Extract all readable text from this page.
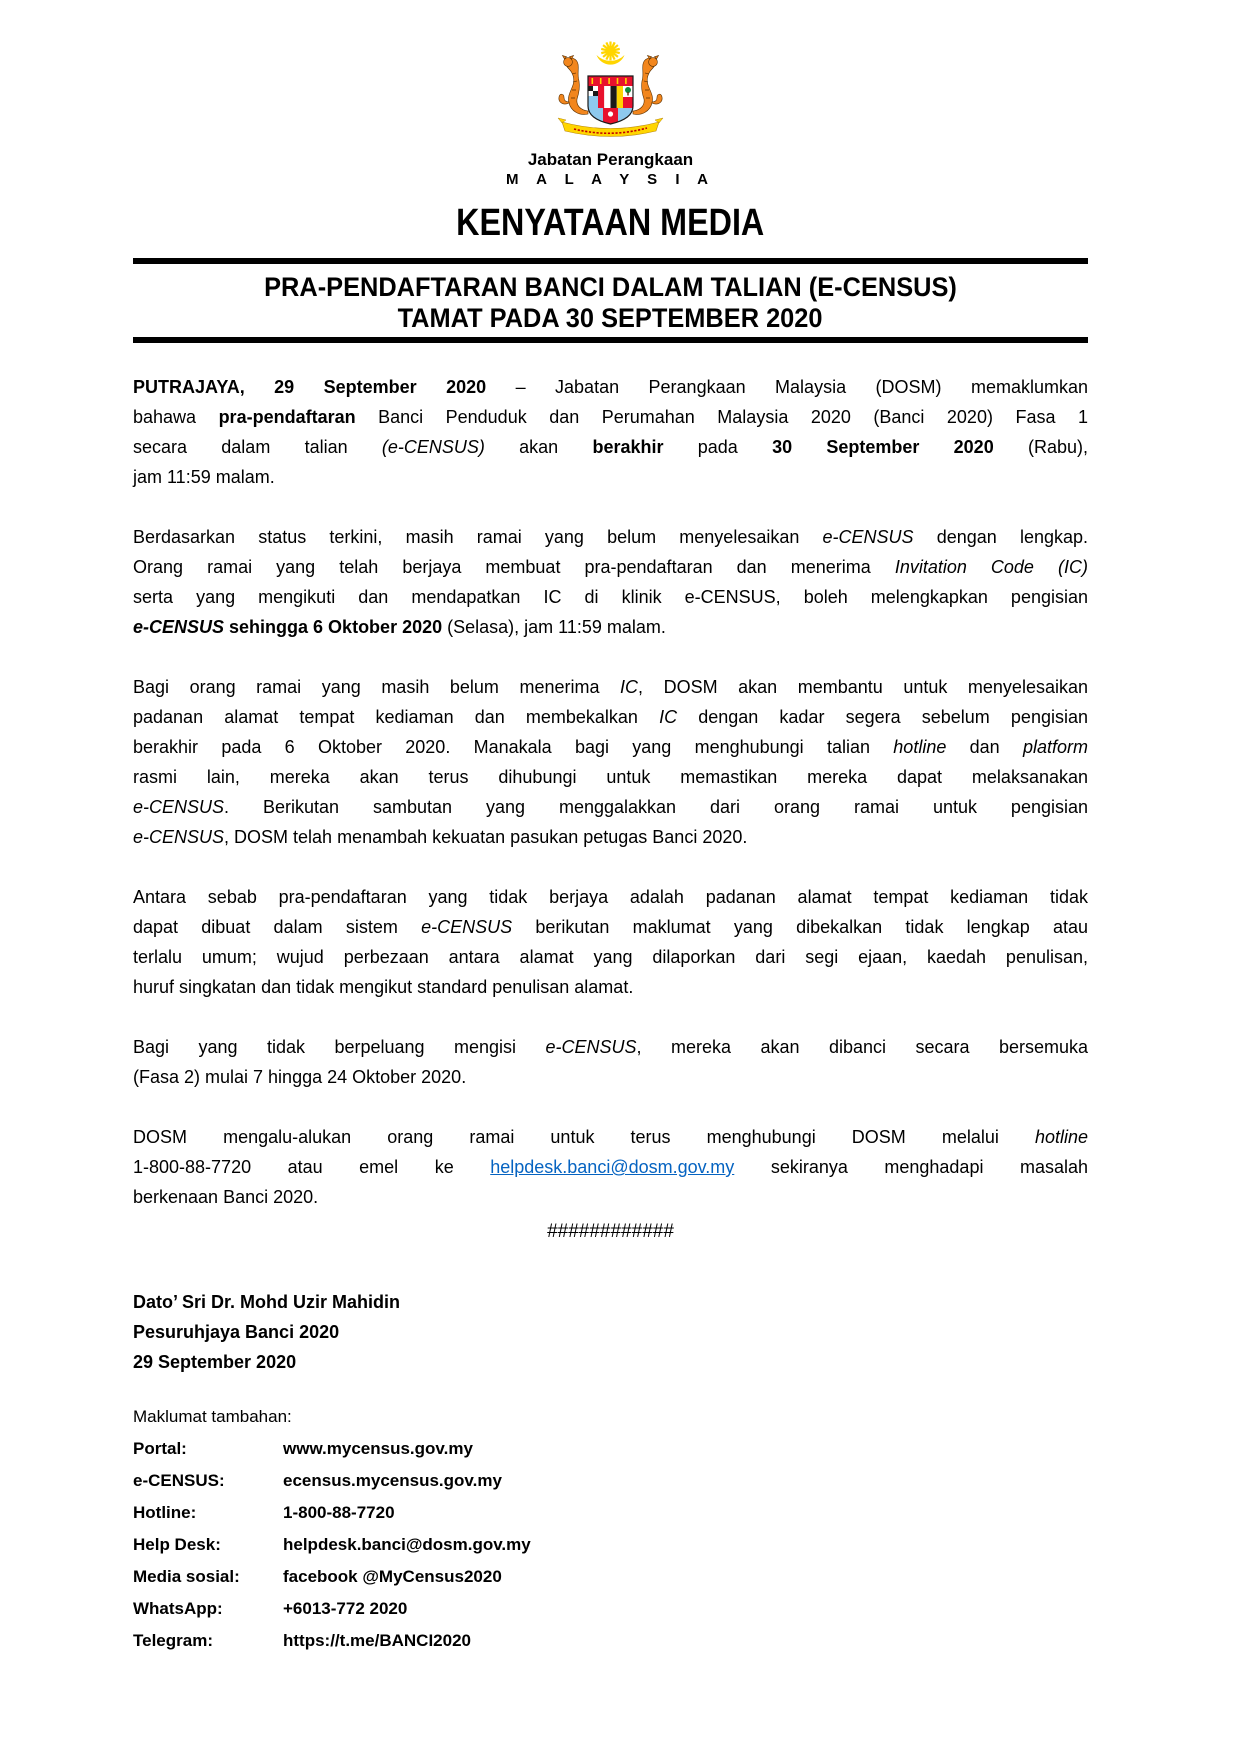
Jabatan Perangkaan
M A L A Y S I A
KENYATAAN MEDIA
PRA-PENDAFTARAN BANCI DALAM TALIAN (E-CENSUS)
TAMAT PADA 30 SEPTEMBER 2020
PUTRAJAYA, 29 September 2020 – Jabatan Perangkaan Malaysia (DOSM) memaklumkan
bahawa pra-pendaftaran Banci Penduduk dan Perumahan Malaysia 2020 (Banci 2020) Fasa 1
secara dalam talian (e-CENSUS) akan berakhir pada 30 September 2020 (Rabu),
jam 11:59 malam.
Berdasarkan status terkini, masih ramai yang belum menyelesaikan e-CENSUS dengan lengkap.
Orang ramai yang telah berjaya membuat pra-pendaftaran dan menerima Invitation Code (IC)
serta yang mengikuti dan mendapatkan IC di klinik e-CENSUS, boleh melengkapkan pengisian
e-CENSUS sehingga 6 Oktober 2020 (Selasa), jam 11:59 malam.
Bagi orang ramai yang masih belum menerima IC, DOSM akan membantu untuk menyelesaikan
padanan alamat tempat kediaman dan membekalkan IC dengan kadar segera sebelum pengisian
berakhir pada 6 Oktober 2020. Manakala bagi yang menghubungi talian hotline dan platform
rasmi lain, mereka akan terus dihubungi untuk memastikan mereka dapat melaksanakan
e-CENSUS. Berikutan sambutan yang menggalakkan dari orang ramai untuk pengisian
e-CENSUS, DOSM telah menambah kekuatan pasukan petugas Banci 2020.
Antara sebab pra-pendaftaran yang tidak berjaya adalah padanan alamat tempat kediaman tidak
dapat dibuat dalam sistem e-CENSUS berikutan maklumat yang dibekalkan tidak lengkap atau
terlalu umum; wujud perbezaan antara alamat yang dilaporkan dari segi ejaan, kaedah penulisan,
huruf singkatan dan tidak mengikut standard penulisan alamat.
Bagi yang tidak berpeluang mengisi e-CENSUS, mereka akan dibanci secara bersemuka
(Fasa 2) mulai 7 hingga 24 Oktober 2020.
DOSM mengalu-alukan orang ramai untuk terus menghubungi DOSM melalui hotline
1-800-88-7720 atau emel ke helpdesk.banci@dosm.gov.my sekiranya menghadapi masalah
berkenaan Banci 2020.
############
Dato’ Sri Dr. Mohd Uzir Mahidin
Pesuruhjaya Banci 2020
29 September 2020
Maklumat tambahan:
Portal:	www.mycensus.gov.my
e-CENSUS:	ecensus.mycensus.gov.my
Hotline:	1-800-88-7720
Help Desk:	helpdesk.banci@dosm.gov.my
Media sosial:	facebook @MyCensus2020
WhatsApp:	+6013-772 2020
Telegram:	https://t.me/BANCI2020
